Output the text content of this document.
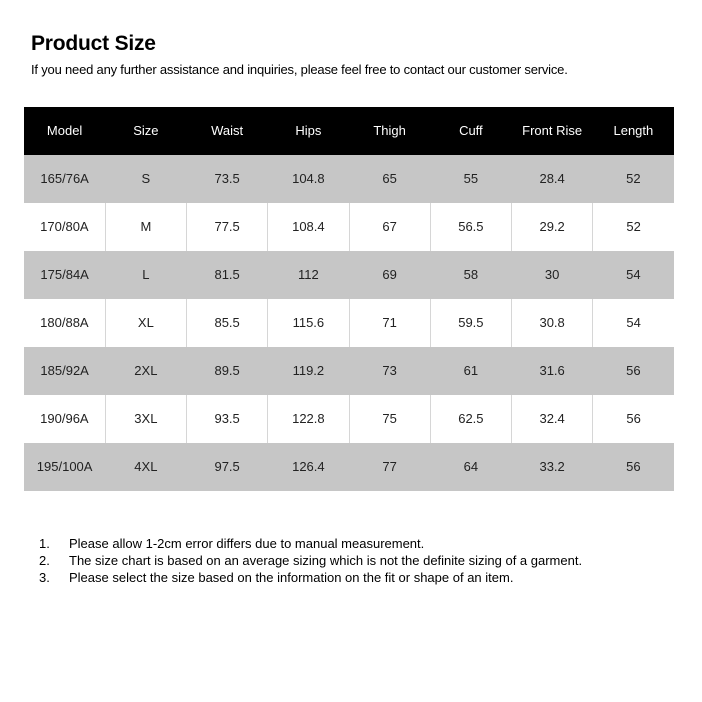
Product Size
If you need any further assistance and inquiries, please feel free to contact our customer service.
Model	Size	Waist	Hips	Thigh	Cuff	Front Rise	Length
165/76A	S	73.5	104.8	65	55	28.4	52
170/80A	M	77.5	108.4	67	56.5	29.2	52
175/84A	L	81.5	112	69	58	30	54
180/88A	XL	85.5	115.6	71	59.5	30.8	54
185/92A	2XL	89.5	119.2	73	61	31.6	56
190/96A	3XL	93.5	122.8	75	62.5	32.4	56
195/100A	4XL	97.5	126.4	77	64	33.2	56
1.	Please allow 1-2cm error differs due to manual measurement.
2.	The size chart is based on an average sizing which is not the definite sizing of a garment.
3.	Please select the size based on the information on the fit or shape of an item.
